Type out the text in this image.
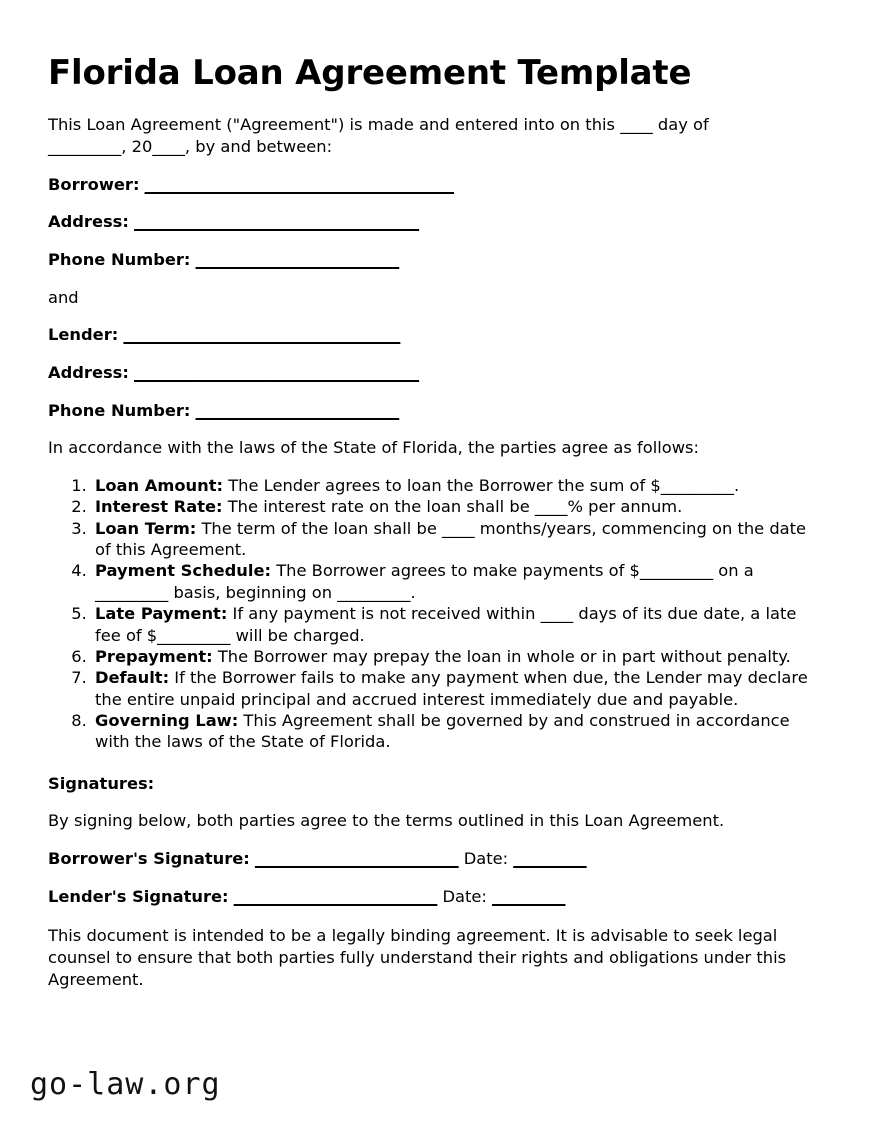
Florida Loan Agreement Template

This Loan Agreement ("Agreement") is made and entered into on this ____ day of _________, 20____, by and between:

Borrower: ______________________________________
Address: ___________________________________
Phone Number: _________________________
and
Lender: __________________________________
Address: ___________________________________
Phone Number: _________________________

In accordance with the laws of the State of Florida, the parties agree as follows:

1. Loan Amount: The Lender agrees to loan the Borrower the sum of $_________.
2. Interest Rate: The interest rate on the loan shall be ____% per annum.
3. Loan Term: The term of the loan shall be ____ months/years, commencing on the date of this Agreement.
4. Payment Schedule: The Borrower agrees to make payments of $_________ on a _________ basis, beginning on _________.
5. Late Payment: If any payment is not received within ____ days of its due date, a late fee of $_________ will be charged.
6. Prepayment: The Borrower may prepay the loan in whole or in part without penalty.
7. Default: If the Borrower fails to make any payment when due, the Lender may declare the entire unpaid principal and accrued interest immediately due and payable.
8. Governing Law: This Agreement shall be governed by and construed in accordance with the laws of the State of Florida.
Signatures:

By signing below, both parties agree to the terms outlined in this Loan Agreement.

Borrower's Signature: _________________________ Date: _________
Lender's Signature: _________________________ Date: _________

This document is intended to be a legally binding agreement. It is advisable to seek legal counsel to ensure that both parties fully understand their rights and obligations under this Agreement.

go-law.org
